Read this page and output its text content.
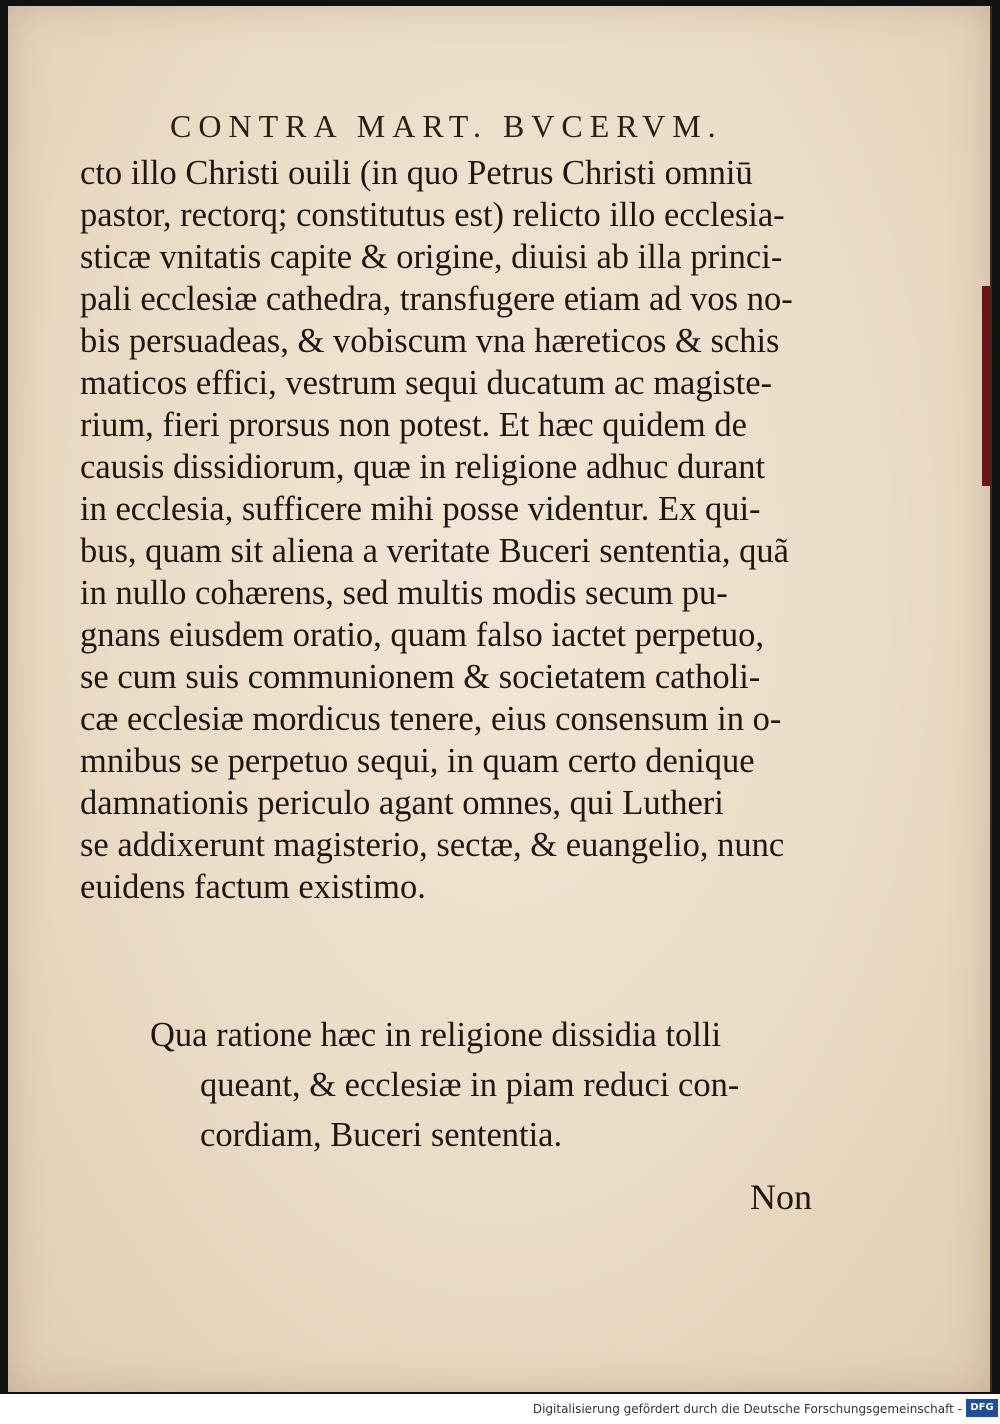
CONTRA MART. BVCERVM.
cto illo Christi ouili (in quo Petrus Christi omniū
pastor, rectorq; constitutus est) relicto illo ecclesia-
sticæ vnitatis capite & origine, diuisi ab illa princi-
pali ecclesiæ cathedra, transfugere etiam ad vos no-
bis persuadeas, & vobiscum vna hæreticos & schis
maticos effici, vestrum sequi ducatum ac magiste-
rium, fieri prorsus non potest. Et hæc quidem de
causis dissidiorum, quæ in religione adhuc durant
in ecclesia, sufficere mihi posse videntur. Ex qui-
bus, quam sit aliena a veritate Buceri sententia, quã
in nullo cohærens, sed multis modis secum pu-
gnans eiusdem oratio, quam falso iactet perpetuo,
se cum suis communionem & societatem catholi-
cæ ecclesiæ mordicus tenere, eius consensum in o-
mnibus se perpetuo sequi, in quam certo denique
damnationis periculo agant omnes, qui Lutheri
se addixerunt magisterio, sectæ, & euangelio, nunc
euidens factum existimo.
Qua ratione hæc in religione dissidia tolli
queant, & ecclesiæ in piam reduci con-
cordiam, Buceri sententia.
Non
Digitalisierung gefördert durch die Deutsche Forschungsgemeinschaft - DFG
